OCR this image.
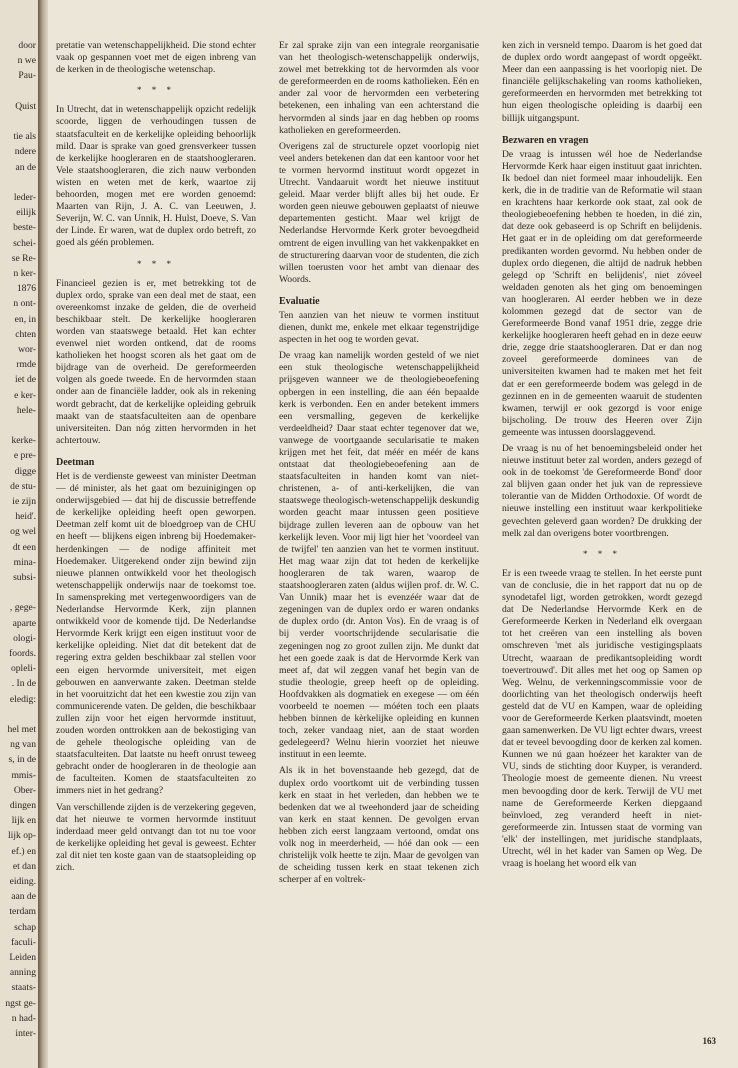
door
n we
Pau-
Quist
tie als
ndere
an de
leder-
eilijk
beste-
schei-
se Re-
n ker-
1876
n ont-
en, in
chten
wor-
rmde
iet de
e ker-
hele-
kerke-
e pre-
digge
de stu-
ie zijn
heid'.
og wel
dt een
mina-
subsi-
, gege-
aparte
ologi-
foords.
opleli-
. In de
eledig:
hel met
ng van
s, in de
mmis-
Ober-
dingen
lijk en
lijk op-
ef.) en
et dan
eiding.
aan de
terdam
schap
faculi-
Leiden
anning
staats-
ngst ge-
n had-
inter-

pretatie van wetenschappelijkheid. Die stond echter vaak op gespannen voet met de eigen inbreng van de kerken in de theologische wetenschap.

* * *

In Utrecht, dat in wetenschappelijk opzicht redelijk scoorde, liggen de verhoudingen tussen de staatsfaculteit en de kerkelijke opleiding behoorlijk mild. Daar is sprake van goed grensverkeer tussen de kerkelijke hoogleraren en de staatshoogleraren. Vele staatshoogleraren, die zich nauw verbonden wisten en weten met de kerk, waartoe zij behoorden, mogen met ere worden genoemd: Maarten van Rijn, J. A. C. van Leeuwen, J. Severijn, W. C. van Unnik, H. Hulst, Doeve, S. Van der Linde. Er waren, wat de duplex ordo betreft, zo goed als géén problemen.

* * *

Financieel gezien is er, met betrekking tot de duplex ordo, sprake van een deal met de staat, een overeenkomst inzake de gelden, die de overheid beschikbaar stelt. De kerkelijke hoogleraren worden van staatswege betaald. Het kan echter evenwel niet worden ontkend, dat de rooms katholieken het hoogst scoren als het gaat om de bijdrage van de overheid. De gereformeerden volgen als goede tweede. En de hervormden staan onder aan de financiële ladder, ook als in rekening wordt gebracht, dat de kerkelijke opleiding gebruik maakt van de staatsfaculteiten aan de openbare universiteiten. Dan nóg zitten hervormden in het achtertouw.

Deetman

Het is de verdienste geweest van minister Deetman — dé minister, als het gaat om bezuinigingen op onderwijsgebied — dat hij de discussie betreffende de kerkelijke opleiding heeft open geworpen. Deetman zelf komt uit de bloedgroep van de CHU en heeft — blijkens eigen inbreng bij Hoedemaker-herdenkingen — de nodige affiniteit met Hoedemaker. Uitgerekend onder zijn bewind zijn nieuwe plannen ontwikkeld voor het theologisch wetenschappelijk onderwijs naar de toekomst toe. In samenspreking met vertegenwoordigers van de Nederlandse Hervormde Kerk, zijn plannen ontwikkeld voor de komende tijd. De Nederlandse Hervormde Kerk krijgt een eigen instituut voor de kerkelijke opleiding. Niet dat dit betekent dat de regering extra gelden beschikbaar zal stellen voor een eigen hervormde universiteit, met eigen gebouwen en aanverwante zaken. Deetman stelde in het vooruitzicht dat het een kwestie zou zijn van communicerende vaten. De gelden, die beschikbaar zullen zijn voor het eigen hervormde instituut, zouden worden onttrokken aan de bekostiging van de gehele theologische opleiding van de staatsfaculteiten. Dat laatste nu heeft onrust teweeg gebracht onder de hoogleraren in de theologie aan de faculteiten. Komen de staatsfaculteiten zo immers niet in het gedrang?

Van verschillende zijden is de verzekering gegeven, dat het nieuwe te vormen hervormde instituut inderdaad meer geld ontvangt dan tot nu toe voor de kerkelijke opleiding het geval is geweest. Echter zal dit niet ten koste gaan van de staatsopleiding op zich.

Er zal sprake zijn van een integrale reorganisatie van het theologisch-wetenschappelijk onderwijs, zowel met betrekking tot de hervormden als voor de gereformeerden en de rooms katholieken. Eén en ander zal voor de hervormden een verbetering betekenen, een inhaling van een achterstand die hervormden al sinds jaar en dag hebben op rooms katholieken en gereformeerden.

Overigens zal de structurele opzet voorlopig niet veel anders betekenen dan dat een kantoor voor het te vormen hervormd instituut wordt opgezet in Utrecht. Vandaaruit wordt het nieuwe instituut geleid. Maar verder blijft alles bij het oude. Er worden geen nieuwe gebouwen geplaatst of nieuwe departementen gesticht. Maar wel krijgt de Nederlandse Hervormde Kerk groter bevoegdheid omtrent de eigen invulling van het vakkenpakket en de structurering daarvan voor de studenten, die zich willen toerusten voor het ambt van dienaar des Woords.

Evaluatie

Ten aanzien van het nieuw te vormen instituut dienen, dunkt me, enkele met elkaar tegenstrijdige aspecten in het oog te worden gevat.

De vraag kan namelijk worden gesteld of we niet een stuk theologische wetenschappelijkheid prijsgeven wanneer we de theologiebeoefening opbergen in een instelling, die aan één bepaalde kerk is verbonden. Een en ander betekent immers een versmalling, gegeven de kerkelijke verdeeldheid? Daar staat echter tegenover dat we, vanwege de voortgaande secularisatie te maken krijgen met het feit, dat méér en méér de kans ontstaat dat theologiebeoefening aan de staatsfaculteiten in handen komt van niet-christenen, a- of anti-kerkelijken, die van staatswege theologisch-wetenschappelijk deskundig worden geacht maar intussen geen positieve bijdrage zullen leveren aan de opbouw van het kerkelijk leven. Voor mij ligt hier het 'voordeel van de twijfel' ten aanzien van het te vormen instituut. Het mag waar zijn dat tot heden de kerkelijke hoogleraren de tak waren, waarop de staatshoogleraren zaten (aldus wijlen prof. dr. W. C. Van Unnik) maar het is evenzéér waar dat de zegeningen van de duplex ordo er waren ondanks de duplex ordo (dr. Anton Vos). En de vraag is of bij verder voortschrijdende secularisatie die zegeningen nog zo groot zullen zijn. Me dunkt dat het een goede zaak is dat de Hervormde Kerk van meet af, dat wil zeggen vanaf het begin van de studie theologie, greep heeft op de opleiding. Hoofdvakken als dogmatiek en exegese — om één voorbeeld te noemen — móéten toch een plaats hebben binnen de kèrkelijke opleiding en kunnen toch, zeker vandaag niet, aan de staat worden gedelegeerd? Welnu hierin voorziet het nieuwe instituut in een leemte.

Als ik in het bovenstaande heb gezegd, dat de duplex ordo voortkomt uit de verbinding tussen kerk en staat in het verleden, dan hebben we te bedenken dat we al tweehonderd jaar de scheiding van kerk en staat kennen. De gevolgen ervan hebben zich eerst langzaam vertoond, omdat ons volk nog in meerderheid, — hóé dan ook — een christelijk volk heette te zijn. Maar de gevolgen van de scheiding tussen kerk en staat tekenen zich scherper af en voltrek-

ken zich in versneld tempo. Daarom is het goed dat de duplex ordo wordt aangepast of wordt opgeëkt. Meer dan een aanpassing is het voorlopig niet. De financiële gelijkschakeling van rooms katholieken, gereformeerden en hervormden met betrekking tot hun eigen theologische opleiding is daarbij een billijk uitgangspunt.

Bezwaren en vragen

De vraag is intussen wél hoe de Nederlandse Hervormde Kerk haar eigen instituut gaat inrichten. Ik bedoel dan niet formeel maar inhoudelijk. Een kerk, die in de traditie van de Reformatie wil staan en krachtens haar kerkorde ook staat, zal ook de theologiebeoefening hebben te hoeden, in dié zin, dat deze ook gebaseerd is op Schrift en belijdenis. Het gaat er in de opleiding om dat gereformeerde predikanten worden gevormd. Nu hebben onder de duplex ordo diegenen, die altijd de nadruk hebben gelegd op 'Schrift en belijdenis', niet zóveel weldaden genoten als het ging om benoemingen van hoogleraren. Al eerder hebben we in deze kolommen gezegd dat de sector van de Gereformeerde Bond vanaf 1951 drie, zegge drie kerkelijke hoogleraren heeft gehad en in deze eeuw drie, zegge drie staatshoogleraren. Dat er dan nog zoveel gereformeerde dominees van de universiteiten kwamen had te maken met het feit dat er een gereformeerde bodem was gelegd in de gezinnen en in de gemeenten waaruit de studenten kwamen, terwijl er ook gezorgd is voor enige bijscholing. De trouw des Heeren over Zijn gemeente was intussen doorslaggevend.

De vraag is nu of het benoemingsbeleid onder het nieuwe instituut beter zal worden, anders gezegd of ook in de toekomst 'de Gereformeerde Bond' door zal blijven gaan onder het juk van de repressieve tolerantie van de Midden Orthodoxie. Of wordt de nieuwe instelling een instituut waar kerkpolitieke gevechten geleverd gaan worden? De drukking der melk zal dan overigens boter voortbrengen.

* * *

Er is een tweede vraag te stellen. In het eerste punt van de conclusie, die in het rapport dat nu op de synodetafel ligt, worden getrokken, wordt gezegd dat De Nederlandse Hervormde Kerk en de Gereformeerde Kerken in Nederland elk overgaan tot het creëren van een instelling als boven omschreven 'met als juridische vestigingsplaats Utrecht, waaraan de predikantsopleiding wordt toevertrouwd'. Dit alles met het oog op Samen op Weg. Welnu, de verkenningscommissie voor de doorlichting van het theologisch onderwijs heeft gesteld dat de VU en Kampen, waar de opleiding voor de Gereformeerde Kerken plaatsvindt, moeten gaan samenwerken. De VU ligt echter dwars, vreest dat er teveel bevoogding door de kerken zal komen. Kunnen we nú gaan hoézeer het karakter van de VU, sinds de stichting door Kuyper, is veranderd. Theologie moest de gemeente dienen. Nu vreest men bevoogding door de kerk. Terwijl de VU met name de Gereformeerde Kerken diepgaand beïnvloed, zeg veranderd heeft in niet-gereformeerde zin. Intussen staat de vorming van 'elk' der instellingen, met juridische standplaats, Utrecht, wél in het kader van Samen op Weg. De vraag is hoelang het woord elk van

163
